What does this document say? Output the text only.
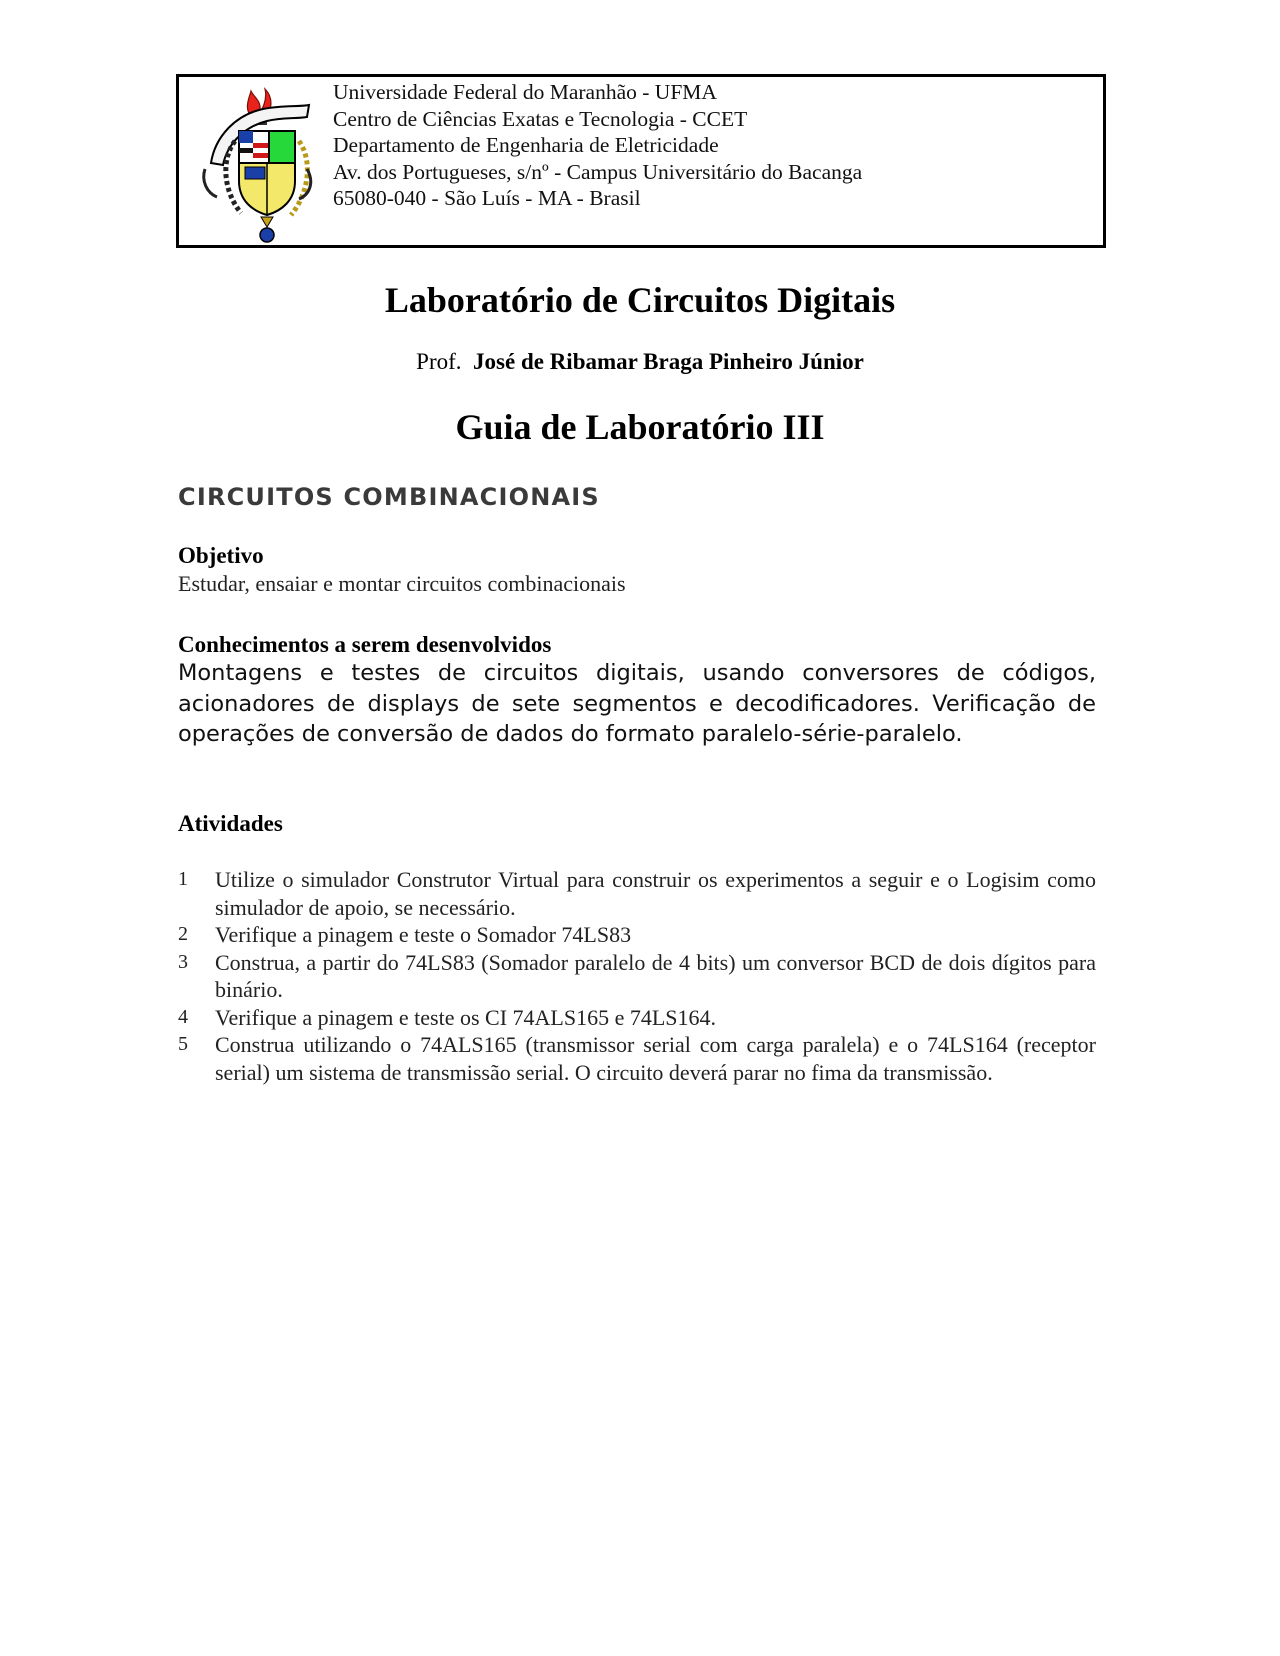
Universidade Federal do Maranhão - UFMA
Centro de Ciências Exatas e Tecnologia - CCET
Departamento de Engenharia de Eletricidade
Av. dos Portugueses, s/nº - Campus Universitário do Bacanga
65080-040 - São Luís - MA - Brasil
Laboratório de Circuitos Digitais
Prof. José de Ribamar Braga Pinheiro Júnior
Guia de Laboratório III
CIRCUITOS COMBINACIONAIS
Objetivo
Estudar, ensaiar e montar circuitos combinacionais
Conhecimentos a serem desenvolvidos
Montagens e testes de circuitos digitais, usando conversores de códigos, acionadores de displays de sete segmentos e decodificadores. Verificação de operações de conversão de dados do formato paralelo-série-paralelo.
Atividades
1	Utilize o simulador Construtor Virtual para construir os experimentos a seguir e o Logisim como simulador de apoio, se necessário.
2	Verifique a pinagem e teste o Somador 74LS83
3	Construa, a partir do 74LS83 (Somador paralelo de 4 bits) um conversor BCD de dois dígitos para binário.
4	Verifique a pinagem e teste os CI 74ALS165 e 74LS164.
5	Construa utilizando o 74ALS165 (transmissor serial com carga paralela) e o 74LS164 (receptor serial) um sistema de transmissão serial. O circuito deverá parar no fima da transmissão.
